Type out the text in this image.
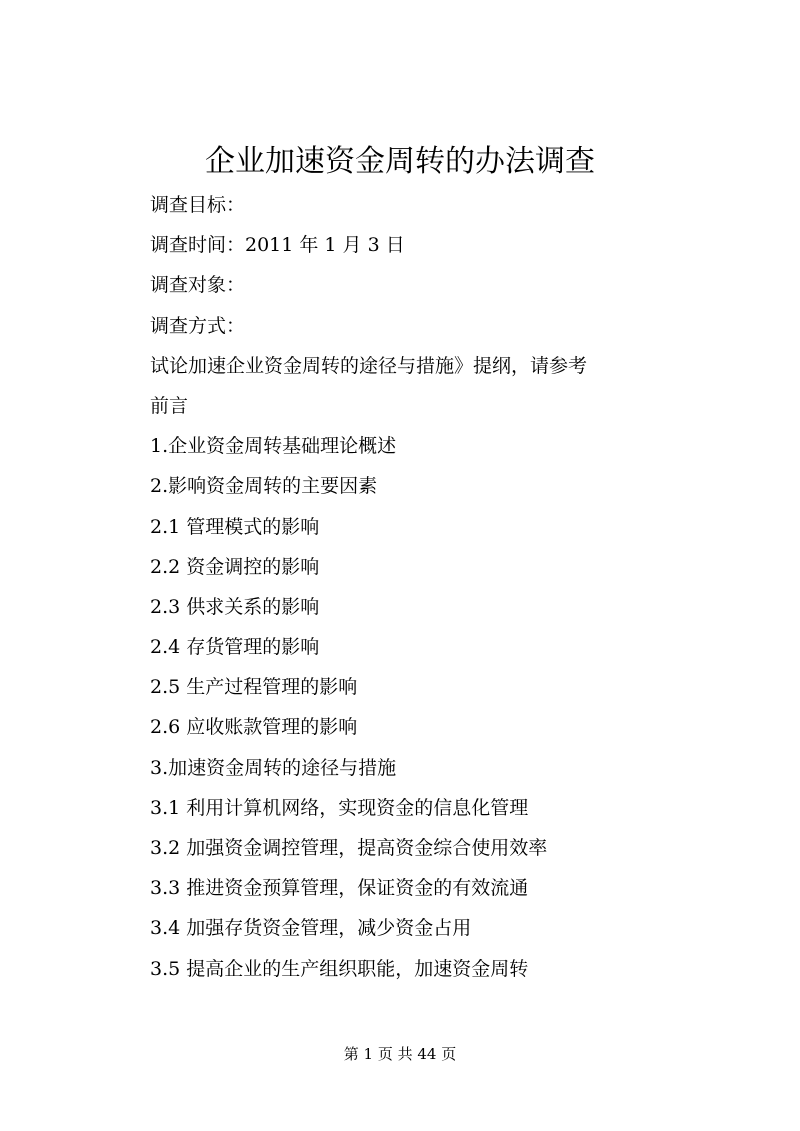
企业加速资金周转的办法调查
调查目标：
调查时间：2011 年 1 月 3 日
调查对象：
调查方式：
试论加速企业资金周转的途径与措施》提纲，请参考
前言
1.企业资金周转基础理论概述
2.影响资金周转的主要因素
2.1 管理模式的影响
2.2 资金调控的影响
2.3 供求关系的影响
2.4 存货管理的影响
2.5 生产过程管理的影响
2.6 应收账款管理的影响
3.加速资金周转的途径与措施
3.1 利用计算机网络，实现资金的信息化管理
3.2 加强资金调控管理，提高资金综合使用效率
3.3 推进资金预算管理，保证资金的有效流通
3.4 加强存货资金管理，减少资金占用
3.5 提高企业的生产组织职能，加速资金周转
第 1 页 共 44 页
